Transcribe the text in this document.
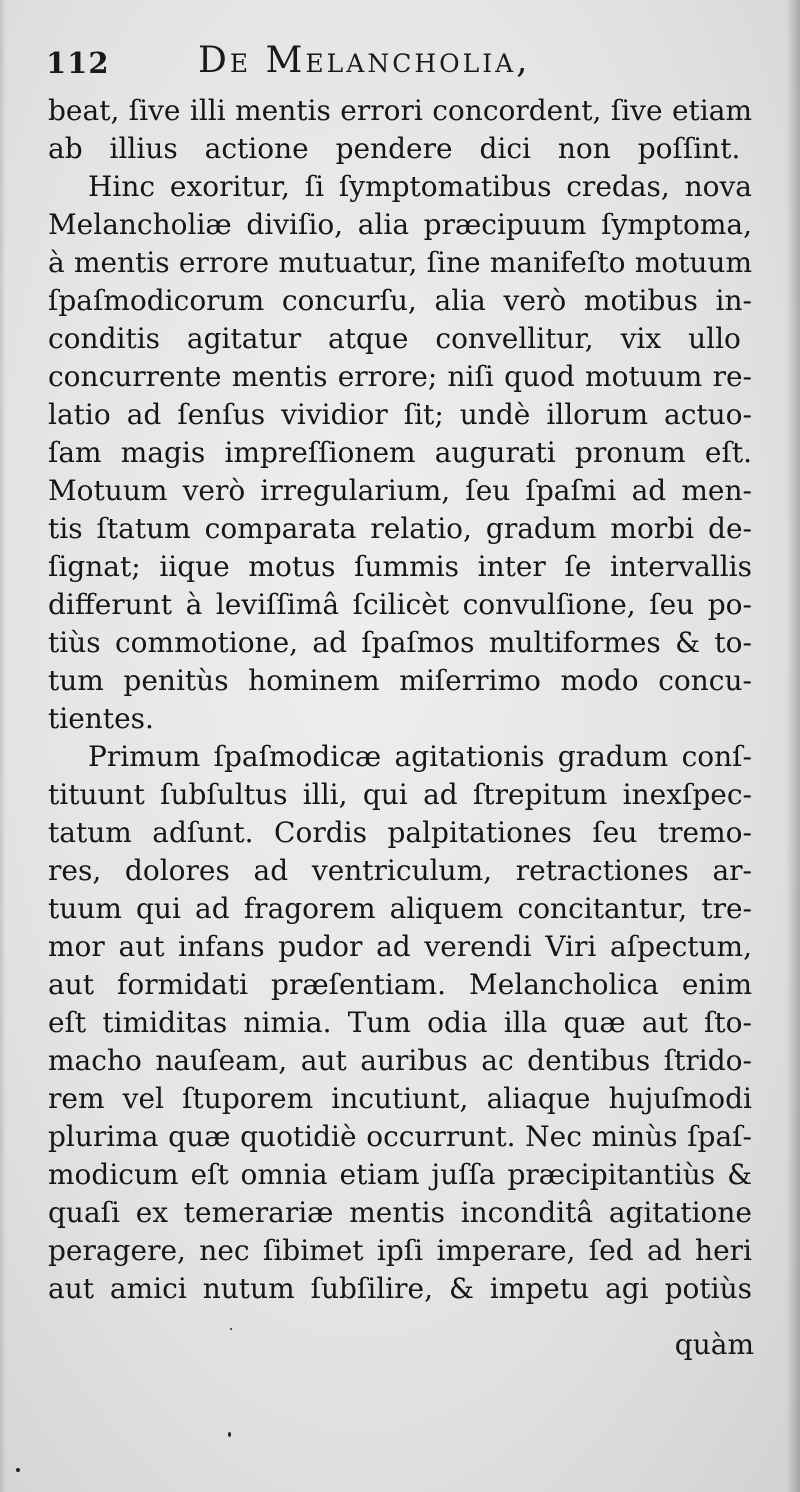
112 De Melancholia,
beat, ſive illi mentis errori concordent, ſive etiam
ab illius actione pendere dici non poſſint.
Hinc exoritur, ſi ſymptomatibus credas, nova
Melancholiæ diviſio, alia præcipuum ſymptoma,
à mentis errore mutuatur, ſine manifeſto motuum
ſpaſmodicorum concurſu, alia verò motibus in-
conditis agitatur atque convellitur, vix ullo
concurrente mentis errore; niſi quod motuum re-
latio ad ſenſus vividior ſit; undè illorum actuo-
ſam magis impreſſionem augurati pronum eſt.
Motuum verò irregularium, ſeu ſpaſmi ad men-
tis ſtatum comparata relatio, gradum morbi de-
ſignat; iique motus ſummis inter ſe intervallis
differunt à leviſſimâ ſcilicèt convulſione, ſeu po-
tiùs commotione, ad ſpaſmos multiformes & to-
tum penitùs hominem miſerrimo modo concu-
tientes.
Primum ſpaſmodicæ agitationis gradum conſ-
tituunt ſubſultus illi, qui ad ſtrepitum inexſpec-
tatum adſunt. Cordis palpitationes ſeu tremo-
res, dolores ad ventriculum, retractiones ar-
tuum qui ad fragorem aliquem concitantur, tre-
mor aut infans pudor ad verendi Viri aſpectum,
aut formidati præſentiam. Melancholica enim
eſt timiditas nimia. Tum odia illa quæ aut ſto-
macho nauſeam, aut auribus ac dentibus ſtrido-
rem vel ſtuporem incutiunt, aliaque hujuſmodi
plurima quæ quotidiè occurrunt. Nec minùs ſpaſ-
modicum eſt omnia etiam juſſa præcipitantiùs &
quaſi ex temerariæ mentis inconditâ agitatione
peragere, nec ſibimet ipſi imperare, ſed ad heri
aut amici nutum ſubſilire, & impetu agi potiùs
quàm
